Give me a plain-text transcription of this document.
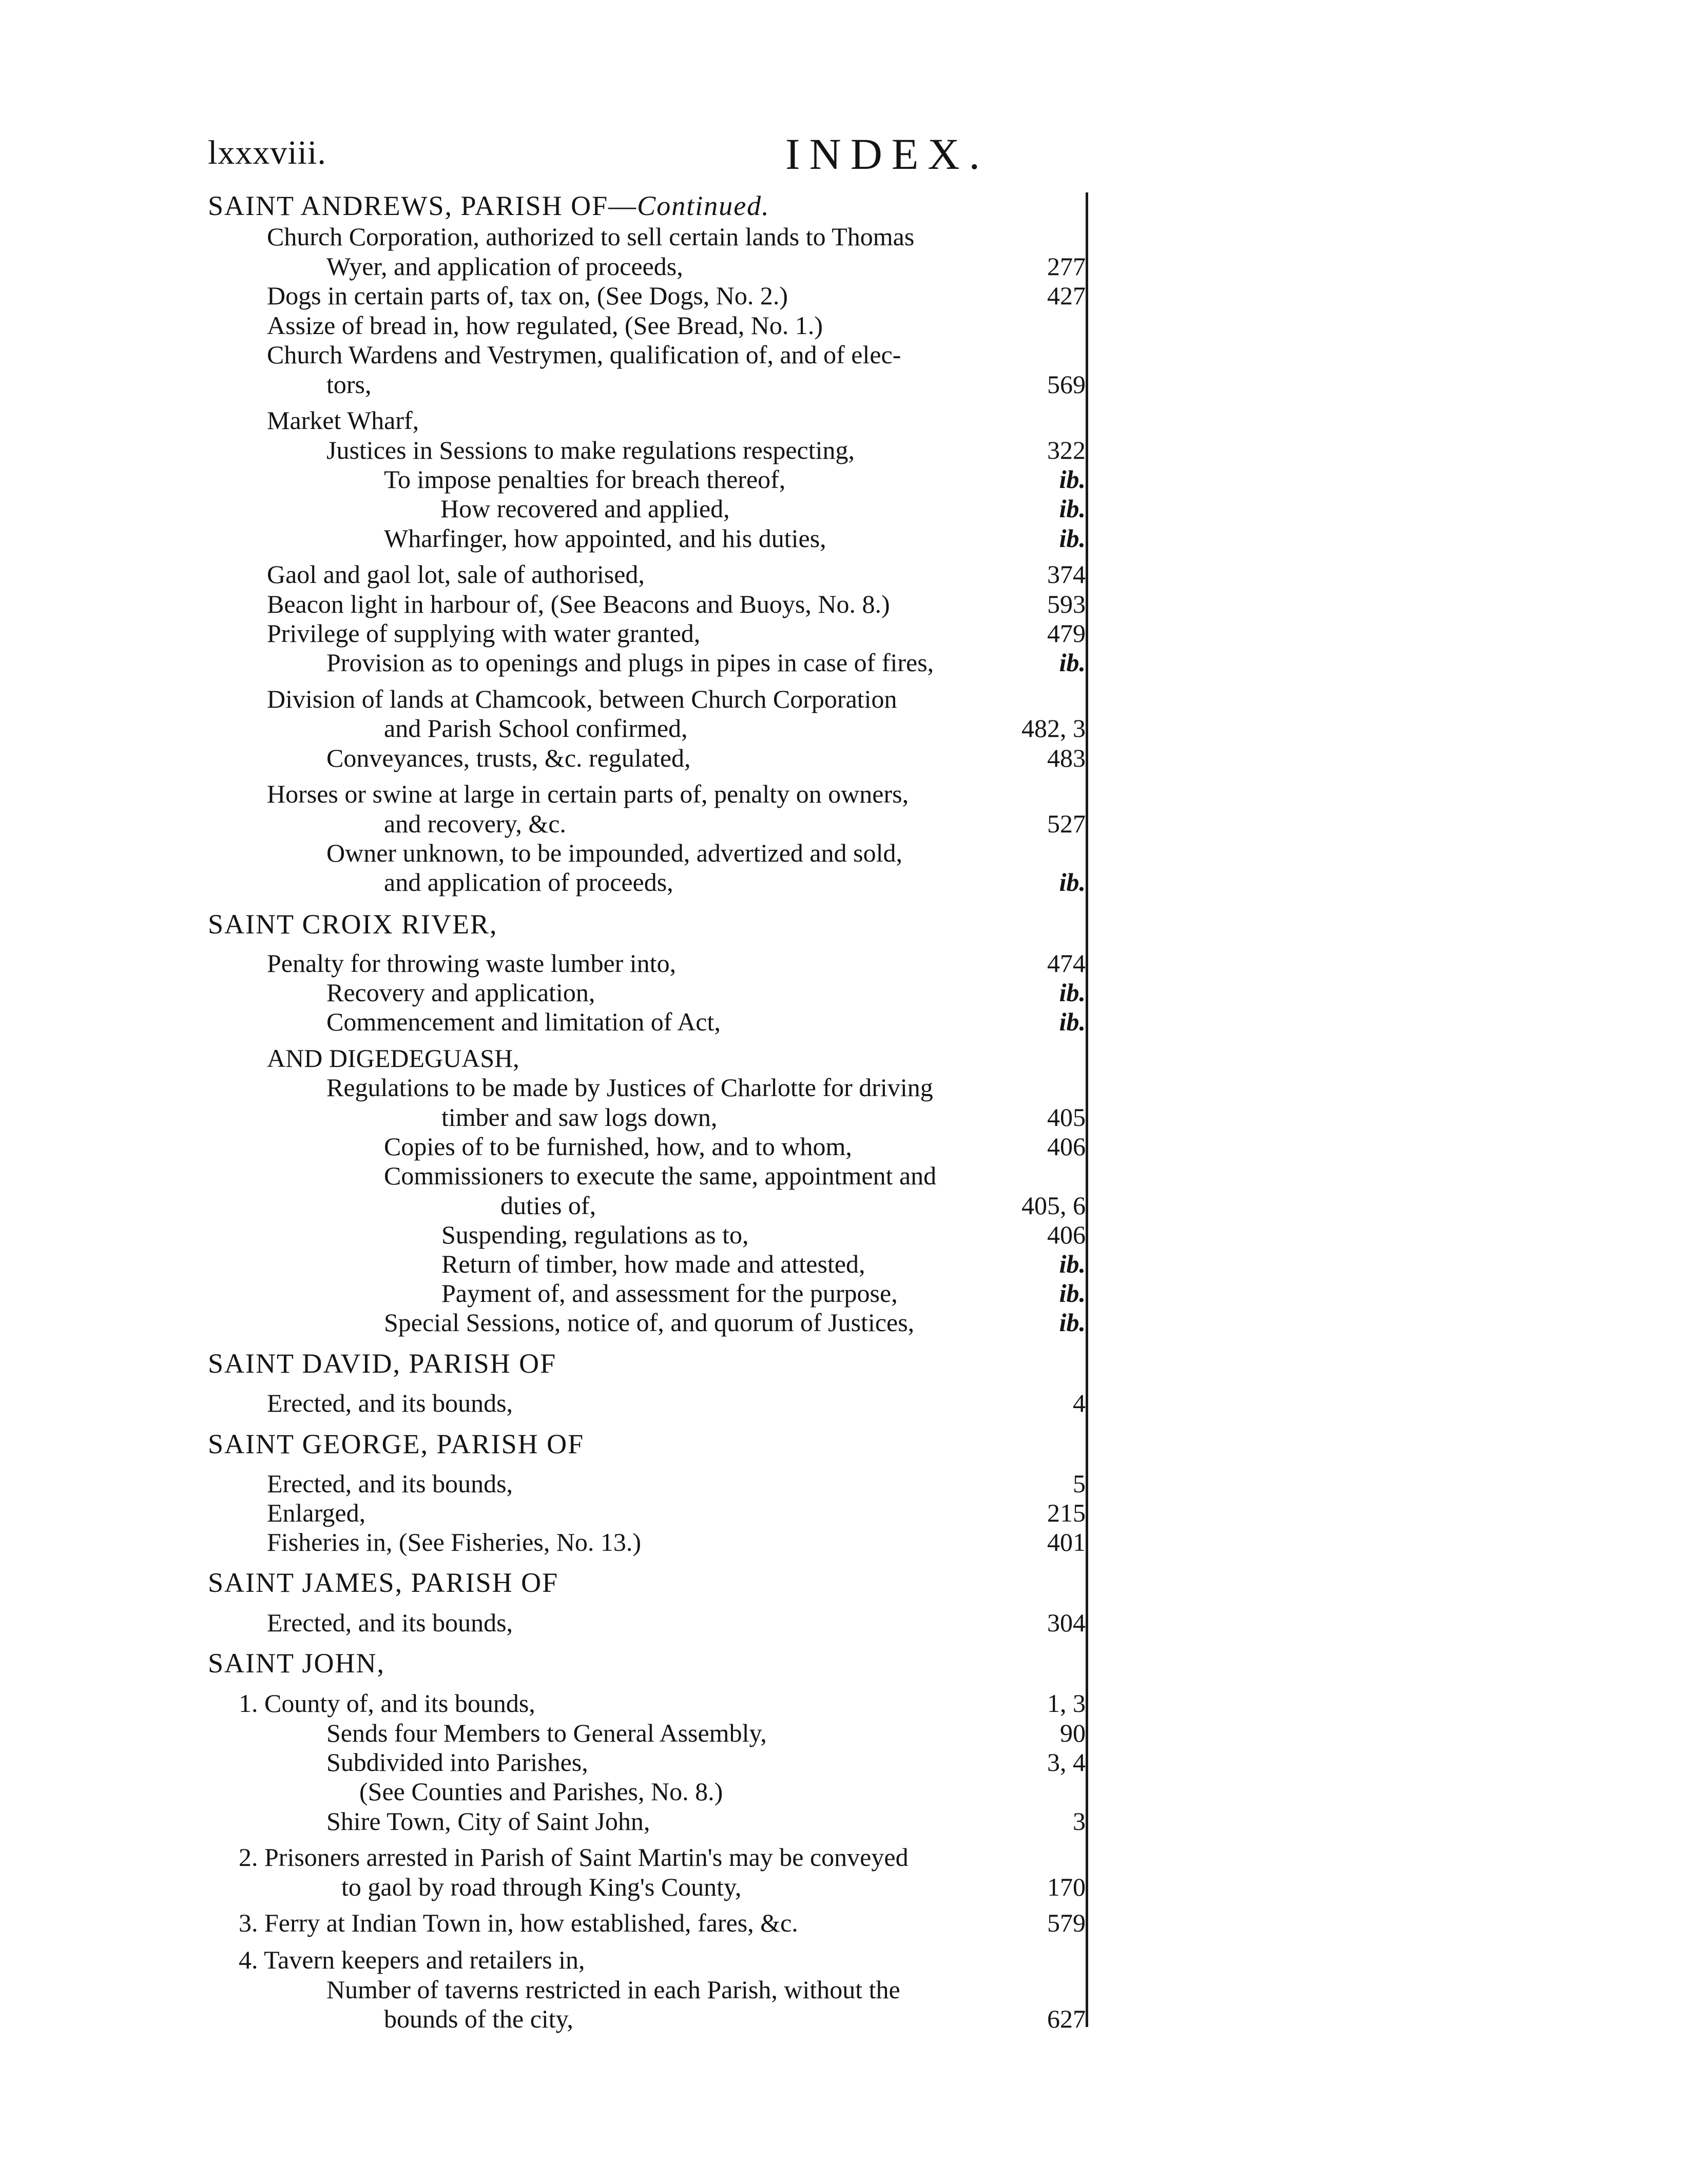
lxxxviii.	INDEX.
SAINT ANDREWS, PARISH OF—Continued.
Church Corporation, authorized to sell certain lands to Thomas
Wyer, and application of proceeds,	277
Dogs in certain parts of, tax on, (See Dogs, No. 2.)	427
Assize of bread in, how regulated, (See Bread, No. 1.)
Church Wardens and Vestrymen, qualification of, and of elec-
tors,	569
Market Wharf,
Justices in Sessions to make regulations respecting,	322
To impose penalties for breach thereof,	ib.
How recovered and applied,	ib.
Wharfinger, how appointed, and his duties,	ib.
Gaol and gaol lot, sale of authorised,	374
Beacon light in harbour of, (See Beacons and Buoys, No. 8.)	593
Privilege of supplying with water granted,	479
Provision as to openings and plugs in pipes in case of fires,	ib.
Division of lands at Chamcook, between Church Corporation
and Parish School confirmed,	482, 3
Conveyances, trusts, &c. regulated,	483
Horses or swine at large in certain parts of, penalty on owners,
and recovery, &c.	527
Owner unknown, to be impounded, advertized and sold,
and application of proceeds,	ib.
SAINT CROIX RIVER,
Penalty for throwing waste lumber into,	474
Recovery and application,	ib.
Commencement and limitation of Act,	ib.
AND DIGEDEGUASH,
Regulations to be made by Justices of Charlotte for driving
timber and saw logs down,	405
Copies of to be furnished, how, and to whom,	406
Commissioners to execute the same, appointment and
duties of,	405, 6
Suspending, regulations as to,	406
Return of timber, how made and attested,	ib.
Payment of, and assessment for the purpose,	ib.
Special Sessions, notice of, and quorum of Justices,	ib.
SAINT DAVID, PARISH OF
Erected, and its bounds,	4
SAINT GEORGE, PARISH OF
Erected, and its bounds,	5
Enlarged,	215
Fisheries in, (See Fisheries, No. 13.)	401
SAINT JAMES, PARISH OF
Erected, and its bounds,	304
SAINT JOHN,
1. County of, and its bounds,	1, 3
Sends four Members to General Assembly,	90
Subdivided into Parishes,	3, 4
(See Counties and Parishes, No. 8.)
Shire Town, City of Saint John,	3
2. Prisoners arrested in Parish of Saint Martin's may be conveyed
to gaol by road through King's County,	170
3. Ferry at Indian Town in, how established, fares, &c.	579
4. Tavern keepers and retailers in,
Number of taverns restricted in each Parish, without the
bounds of the city,	627
